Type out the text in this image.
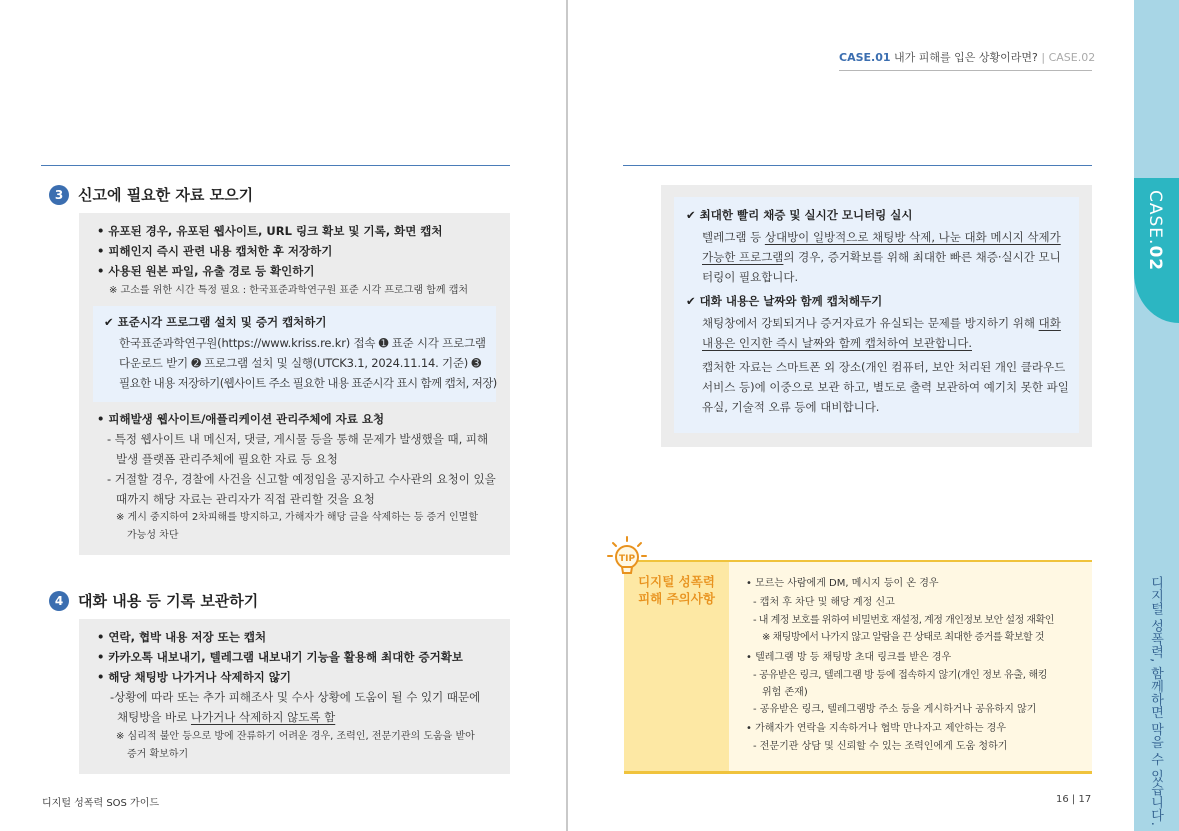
3 신고에 필요한 자료 모으기
• 유포된 경우, 유포된 웹사이트, URL 링크 확보 및 기록, 화면 캡처
• 피해인지 즉시 관련 내용 캡처한 후 저장하기
• 사용된 원본 파일, 유출 경로 등 확인하기
※ 고소를 위한 시간 특정 필요 : 한국표준과학연구원 표준 시각 프로그램 함께 캡처
✔ 표준시각 프로그램 설치 및 증거 캡처하기
한국표준과학연구원(https://www.kriss.re.kr) 접속 ➊ 표준 시각 프로그램
다운로드 받기 ➋ 프로그램 설치 및 실행(UTCK3.1, 2024.11.14. 기준) ➌
필요한 내용 저장하기(웹사이트 주소 필요한 내용 표준시각 표시 함께 캡처, 저장)
• 피해발생 웹사이트/애플리케이션 관리주체에 자료 요청
- 특정 웹사이트 내 메신저, 댓글, 게시물 등을 통해 문제가 발생했을 때, 피해
발생 플랫폼 관리주체에 필요한 자료 등 요청
- 거절할 경우, 경찰에 사건을 신고할 예정임을 공지하고 수사관의 요청이 있을
때까지 해당 자료는 관리자가 직접 관리할 것을 요청
※ 게시 중지하여 2차피해를 방지하고, 가해자가 해당 글을 삭제하는 등 증거 인멸할
가능성 차단
4 대화 내용 등 기록 보관하기
• 연락, 협박 내용 저장 또는 캡처
• 카카오톡 내보내기, 텔레그램 내보내기 기능을 활용해 최대한 증거확보
• 해당 채팅방 나가거나 삭제하지 않기
-상황에 따라 또는 추가 피해조사 및 수사 상황에 도움이 될 수 있기 때문에
채팅방을 바로 나가거나 삭제하지 않도록 함
※ 심리적 불안 등으로 방에 잔류하기 어려운 경우, 조력인, 전문기관의 도움을 받아
증거 확보하기
디지털 성폭력 SOS 가이드
CASE.01 내가 피해를 입은 상황이라면? | CASE.02
✔ 최대한 빨리 채증 및 실시간 모니터링 실시
텔레그램 등 상대방이 일방적으로 채팅방 삭제, 나눈 대화 메시지 삭제가
가능한 프로그램의 경우, 증거확보를 위해 최대한 빠른 채증·실시간 모니
터링이 필요합니다.
✔ 대화 내용은 날짜와 함께 캡처해두기
채팅창에서 강퇴되거나 증거자료가 유실되는 문제를 방지하기 위해 대화
내용은 인지한 즉시 날짜와 함께 캡처하여 보관합니다.
캡처한 자료는 스마트폰 외 장소(개인 컴퓨터, 보안 처리된 개인 클라우드
서비스 등)에 이중으로 보관 하고, 별도로 출력 보관하여 예기치 못한 파일
유실, 기술적 오류 등에 대비합니다.
TIP
디지털 성폭력
피해 주의사항
• 모르는 사람에게 DM, 메시지 등이 온 경우
- 캡처 후 차단 및 해당 계정 신고
- 내 계정 보호를 위하여 비밀번호 재설정, 계정 개인정보 보안 설정 재확인
※ 채팅방에서 나가지 않고 알람을 끈 상태로 최대한 증거를 확보할 것
• 텔레그램 방 등 채팅방 초대 링크를 받은 경우
- 공유받은 링크, 텔레그램 방 등에 접속하지 않기(개인 정보 유출, 해킹
위험 존재)
- 공유받은 링크, 텔레그램방 주소 등을 게시하거나 공유하지 않기
• 가해자가 연락을 지속하거나 협박 만나자고 제안하는 경우
- 전문기관 상담 및 신뢰할 수 있는 조력인에게 도움 청하기
16 | 17
CASE.02
디지털 성폭력, 함께하면 막을 수 있습니다.
